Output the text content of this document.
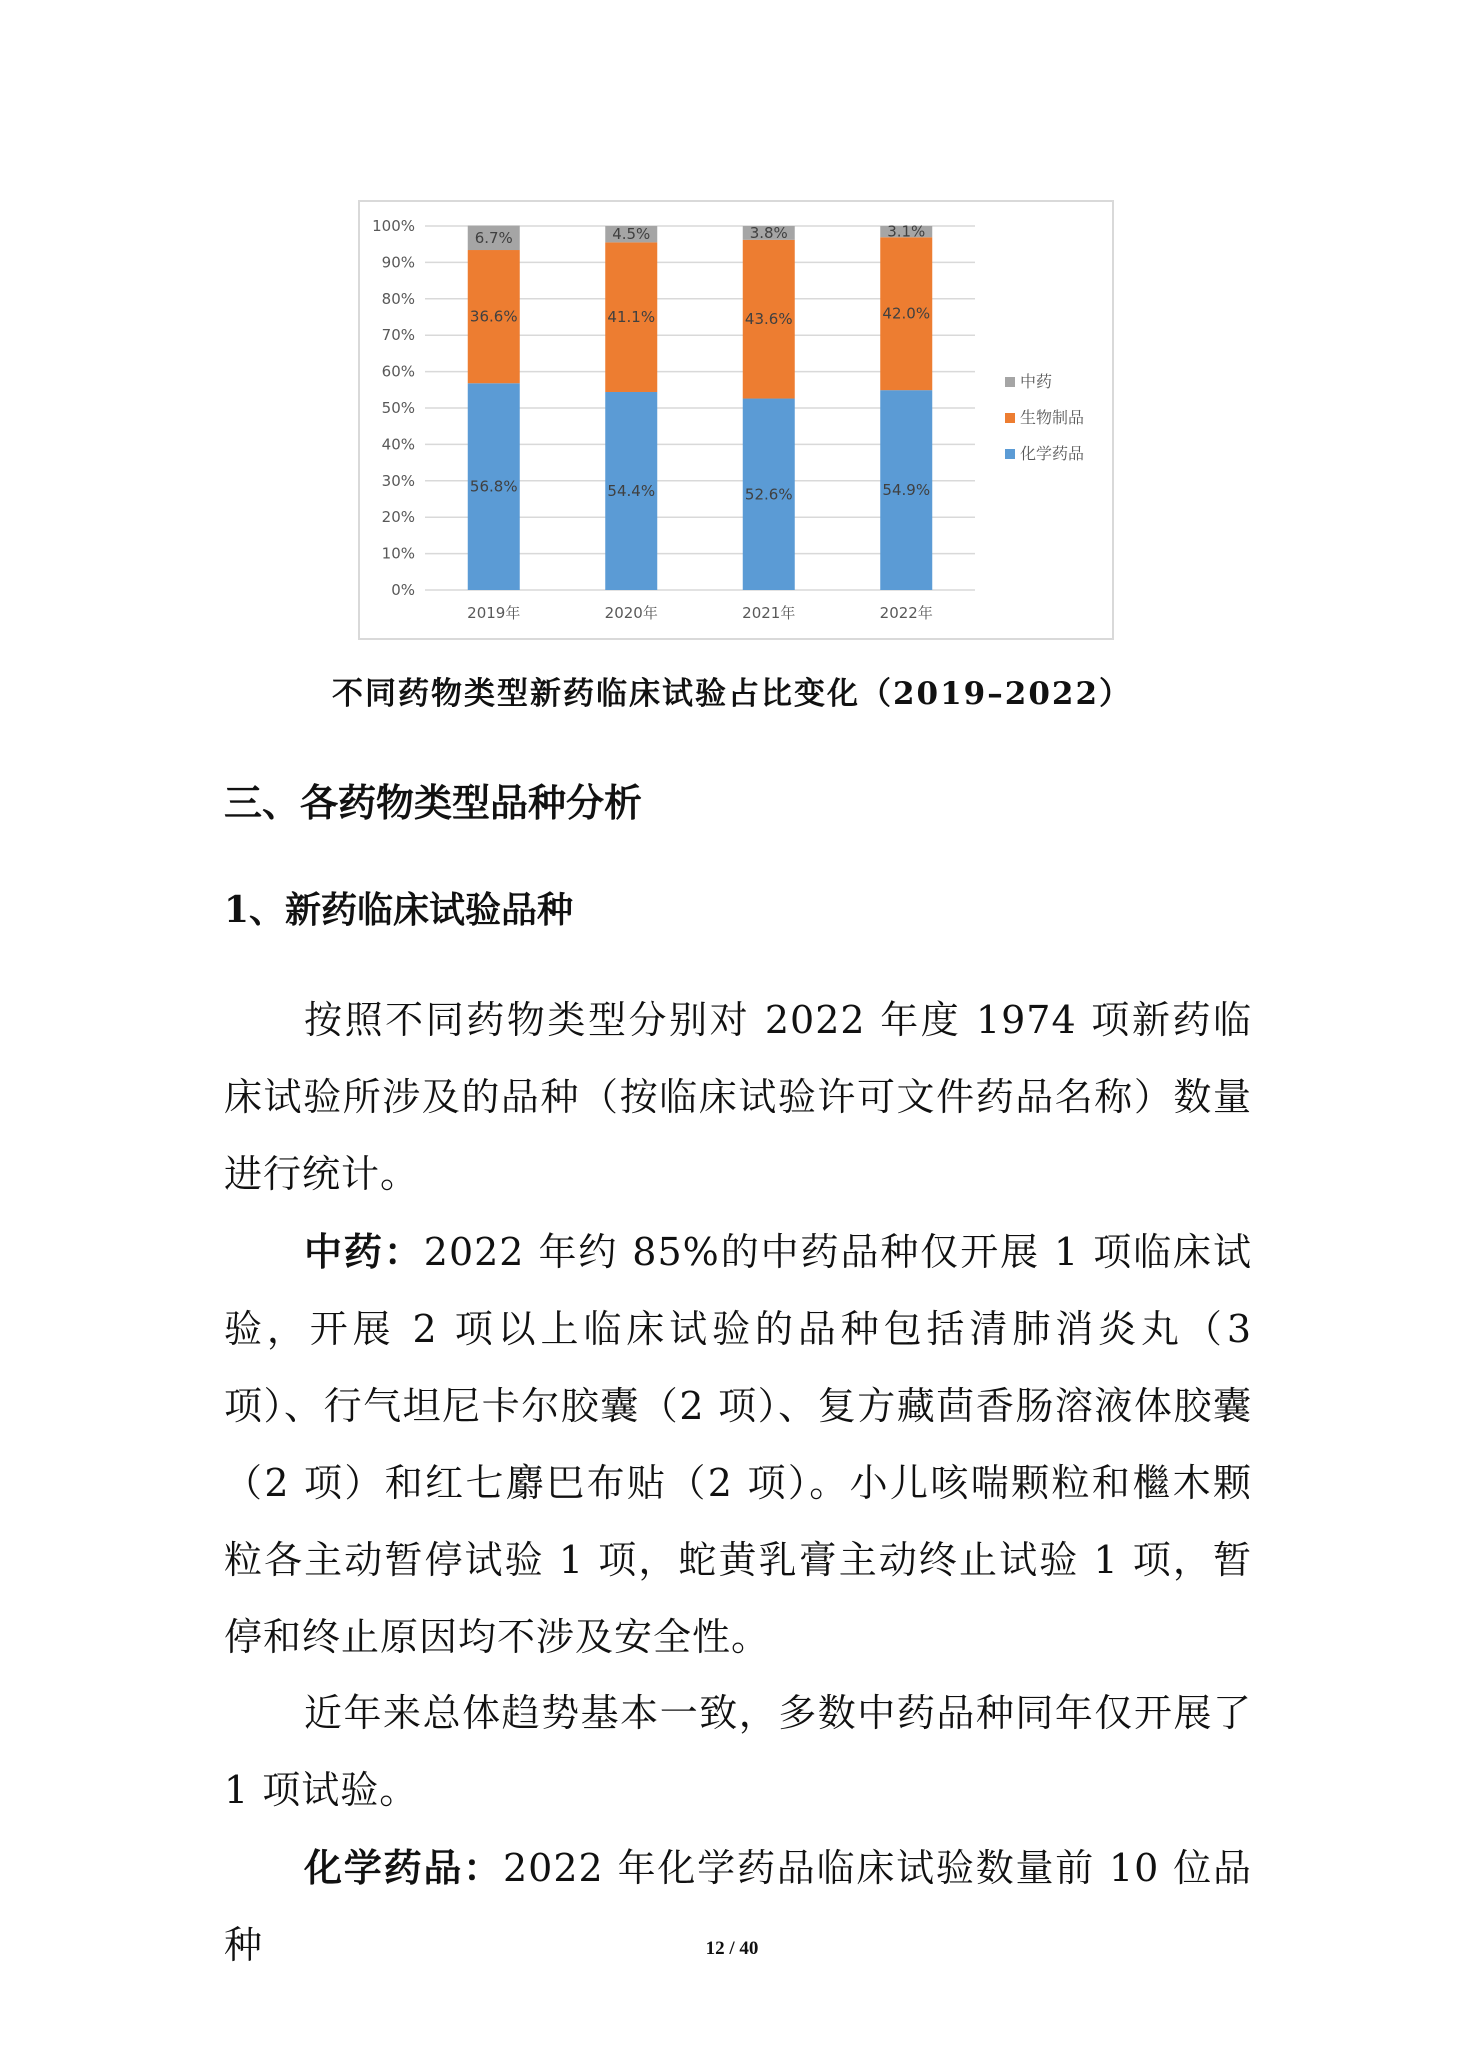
0%
10%
20%
30%
40%
50%
60%
70%
80%
90%
100%
56.8%
36.6%
6.7%
2019年
54.4%
41.1%
4.5%
2020年
52.6%
43.6%
3.8%
2021年
54.9%
42.0%
3.1%
2022年
中药
生物制品
化学药品
不同药物类型新药临床试验占比变化（2019–2022）
三、各药物类型品种分析
1、新药临床试验品种

按照不同药物类型分别对 2022 年度 1974 项新药临床试验所涉及的品种（按临床试验许可文件药品名称）数量进行统计。

中药：2022 年约 85%的中药品种仅开展 1 项临床试验，开展 2 项以上临床试验的品种包括清肺消炎丸（3 项）、行气坦尼卡尔胶囊（2 项）、复方藏茴香肠溶液体胶囊（2 项）和红七麝巴布贴（2 项）。小儿咳喘颗粒和檵木颗粒各主动暂停试验 1 项，蛇黄乳膏主动终止试验 1 项，暂停和终止原因均不涉及安全性。

近年来总体趋势基本一致，多数中药品种同年仅开展了 1 项试验。

化学药品：2022 年化学药品临床试验数量前 10 位品种	12 / 40
